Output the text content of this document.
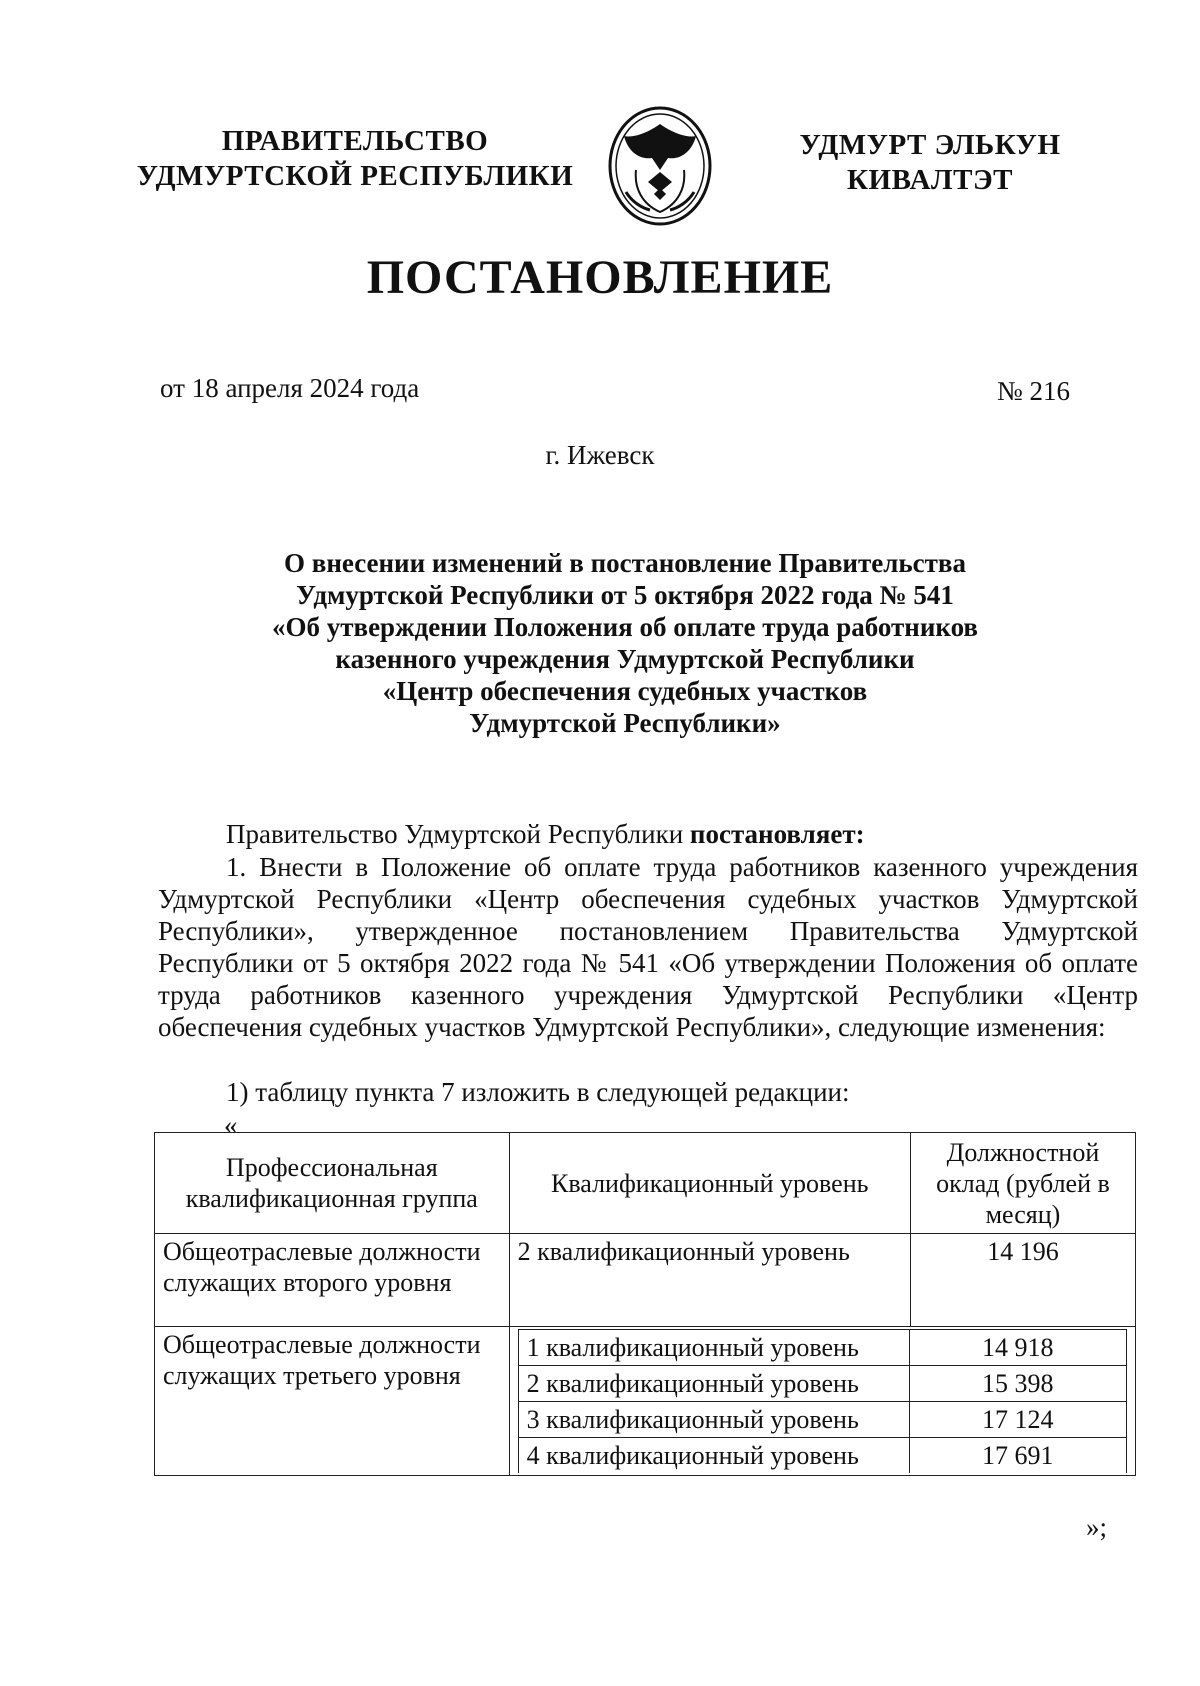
ПРАВИТЕЛЬСТВО
УДМУРТСКОЙ РЕСПУБЛИКИ
УДМУРТ ЭЛЬКУН
КИВАЛТЭТ
ПОСТАНОВЛЕНИЕ
от 18 апреля 2024 года	№ 216
г. Ижевск
О внесении изменений в постановление Правительства
Удмуртской Республики от 5 октября 2022 года № 541
«Об утверждении Положения об оплате труда работников
казенного учреждения Удмуртской Республики
«Центр обеспечения судебных участков
Удмуртской Республики»
Правительство Удмуртской Республики постановляет:
1. Внести в Положение об оплате труда работников казенного учреждения Удмуртской Республики «Центр обеспечения судебных участков Удмуртской Республики», утвержденное постановлением Правительства Удмуртской Республики от 5 октября 2022 года № 541 «Об утверждении Положения об оплате труда работников казенного учреждения Удмуртской Республики «Центр обеспечения судебных участков Удмуртской Республики», следующие изменения:
1) таблицу пункта 7 изложить в следующей редакции:
«
Профессиональная квалификационная группа	Квалификационный уровень	Должностной оклад (рублей в месяц)
Общеотраслевые должности служащих второго уровня	2 квалификационный уровень	14 196
Общеотраслевые должности служащих третьего уровня	
1 квалификационный уровень	14 918
2 квалификационный уровень	15 398
3 квалификационный уровень	17 124
4 квалификационный уровень	17 691
»;
